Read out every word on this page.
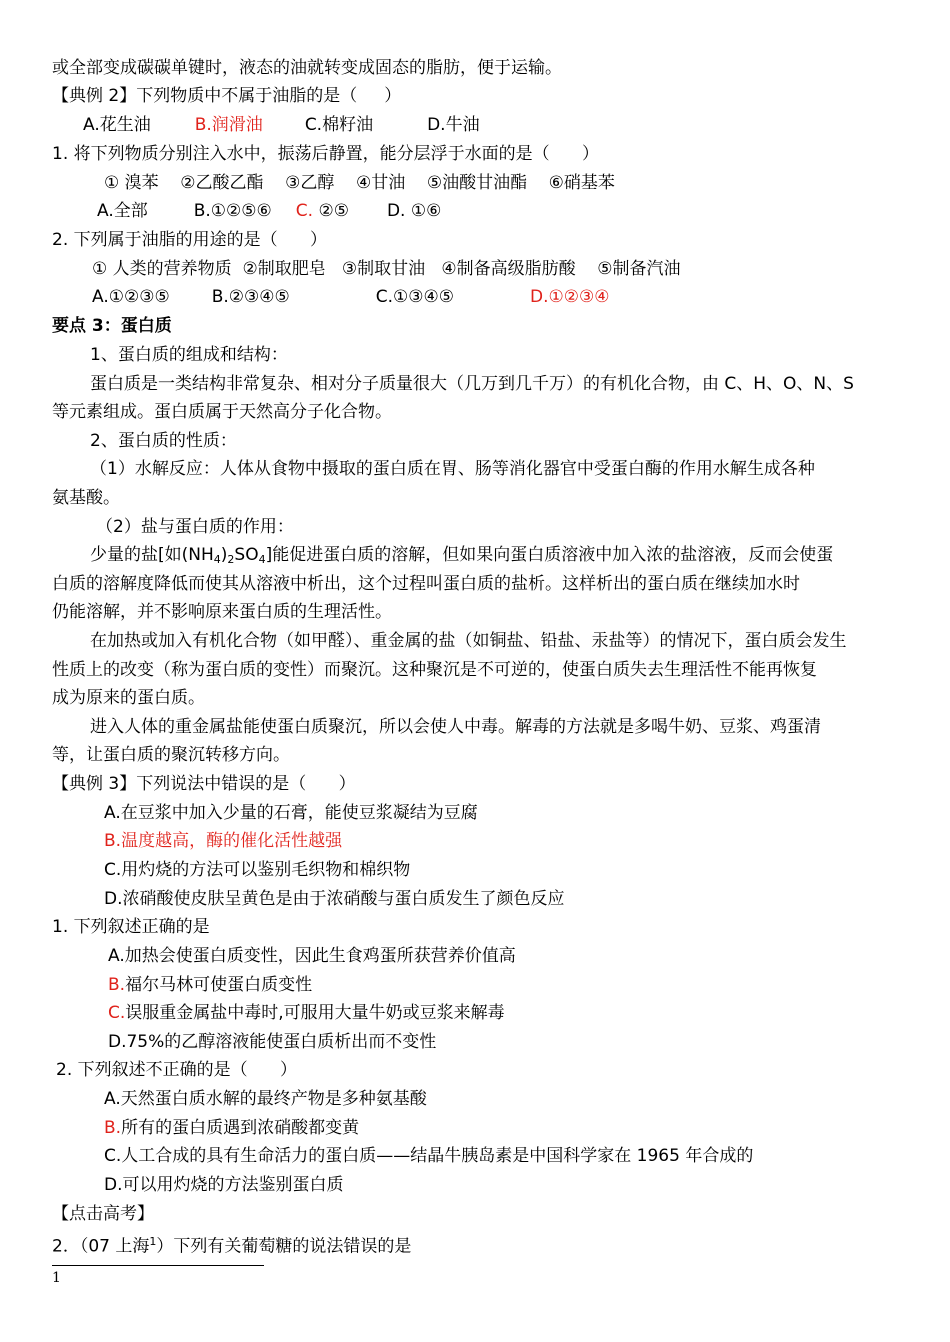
或全部变成碳碳单键时，液态的油就转变成固态的脂肪，便于运输。
【典例 2】下列物质中不属于油脂的是（     ）
A.花生油	B.润滑油 C.棉籽油	D.牛油
1. 将下列物质分别注入水中，振荡后静置，能分层浮于水面的是（      ）
① 溴苯    ②乙酸乙酯    ③乙醇    ④甘油    ⑤油酸甘油酯    ⑥硝基苯
A.全部	B.①②⑤⑥ C. ②⑤ D. ①⑥
2. 下列属于油脂的用途的是（      ）
① 人类的营养物质  ②制取肥皂   ③制取甘油   ④制备高级脂肪酸    ⑤制备汽油
A.①②③⑤ B.②③④⑤	C.①③④⑤	D.①②③④
要点 3：蛋白质
1、蛋白质的组成和结构：
蛋白质是一类结构非常复杂、相对分子质量很大（几万到几千万）的有机化合物，由 C、H、O、N、S
等元素组成。蛋白质属于天然高分子化合物。
2、蛋白质的性质：
（1）水解反应：人体从食物中摄取的蛋白质在胃、肠等消化器官中受蛋白酶的作用水解生成各种
氨基酸。
（2）盐与蛋白质的作用：
少量的盐[如$(NH_4)_2SO_4$]能促进蛋白质的溶解，但如果向蛋白质溶液中加入浓的盐溶液，反而会使蛋
白质的溶解度降低而使其从溶液中析出，这个过程叫蛋白质的盐析。这样析出的蛋白质在继续加水时
仍能溶解，并不影响原来蛋白质的生理活性。
在加热或加入有机化合物（如甲醛）、重金属的盐（如铜盐、铅盐、汞盐等）的情况下，蛋白质会发生
性质上的改变（称为蛋白质的变性）而聚沉。这种聚沉是不可逆的，使蛋白质失去生理活性不能再恢复
成为原来的蛋白质。
进入人体的重金属盐能使蛋白质聚沉，所以会使人中毒。解毒的方法就是多喝牛奶、豆浆、鸡蛋清
等，让蛋白质的聚沉转移方向。
【典例 3】下列说法中错误的是（      ）
A.在豆浆中加入少量的石膏，能使豆浆凝结为豆腐
B.温度越高，酶的催化活性越强
C.用灼烧的方法可以鉴别毛织物和棉织物
D.浓硝酸使皮肤呈黄色是由于浓硝酸与蛋白质发生了颜色反应
1. 下列叙述正确的是
A.加热会使蛋白质变性，因此生食鸡蛋所获营养价值高
B.福尔马林可使蛋白质变性
C.误服重金属盐中毒时,可服用大量牛奶或豆浆来解毒
D.75%的乙醇溶液能使蛋白质析出而不变性
2. 下列叙述不正确的是（      ）
A.天然蛋白质水解的最终产物是多种氨基酸
B.所有的蛋白质遇到浓硝酸都变黄
C.人工合成的具有生命活力的蛋白质——结晶牛胰岛素是中国科学家在 1965 年合成的
D.可以用灼烧的方法鉴别蛋白质
【点击高考】
2．（07 上海$^1$）下列有关葡萄糖的说法错误的是
1
